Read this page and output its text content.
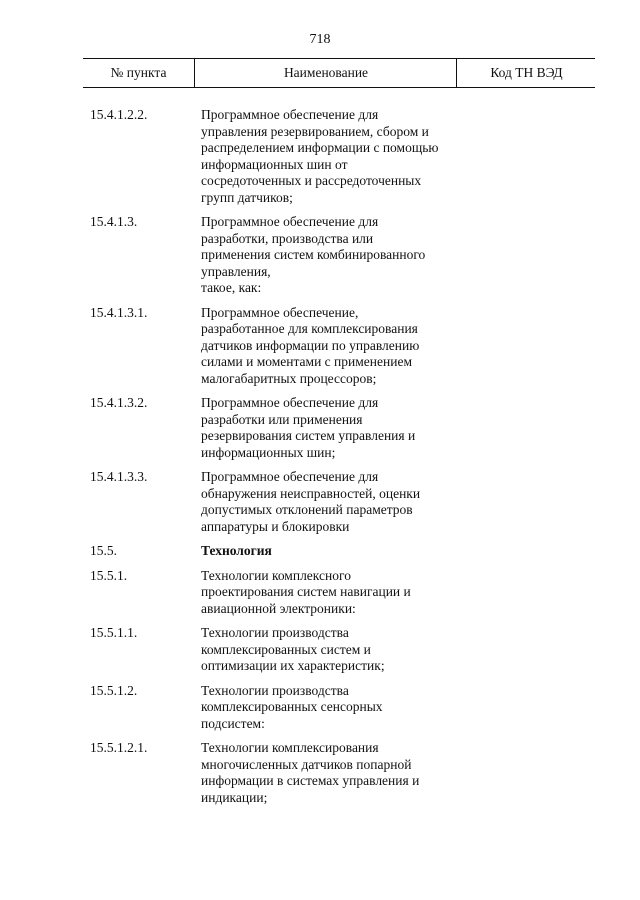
718
№ пункта	Наименование	Код ТН ВЭД
15.4.1.2.2.	Программное обеспечение для
управления резервированием, сбором и
распределением информации с помощью
информационных шин от
сосредоточенных и рассредоточенных
групп датчиков;
15.4.1.3.	Программное обеспечение для
разработки, производства или
применения систем комбинированного
управления,
такое, как:
15.4.1.3.1.	Программное обеспечение,
разработанное для комплексирования
датчиков информации по управлению
силами и моментами с применением
малогабаритных процессоров;
15.4.1.3.2.	Программное обеспечение для
разработки или применения
резервирования систем управления и
информационных шин;
15.4.1.3.3.	Программное обеспечение для
обнаружения неисправностей, оценки
допустимых отклонений параметров
аппаратуры и блокировки
15.5.	Технология
15.5.1.	Технологии комплексного
проектирования систем навигации и
авиационной электроники:
15.5.1.1.	Технологии производства
комплексированных систем и
оптимизации их характеристик;
15.5.1.2.	Технологии производства
комплексированных сенсорных
подсистем:
15.5.1.2.1.	Технологии комплексирования
многочисленных датчиков попарной
информации в системах управления и
индикации;
